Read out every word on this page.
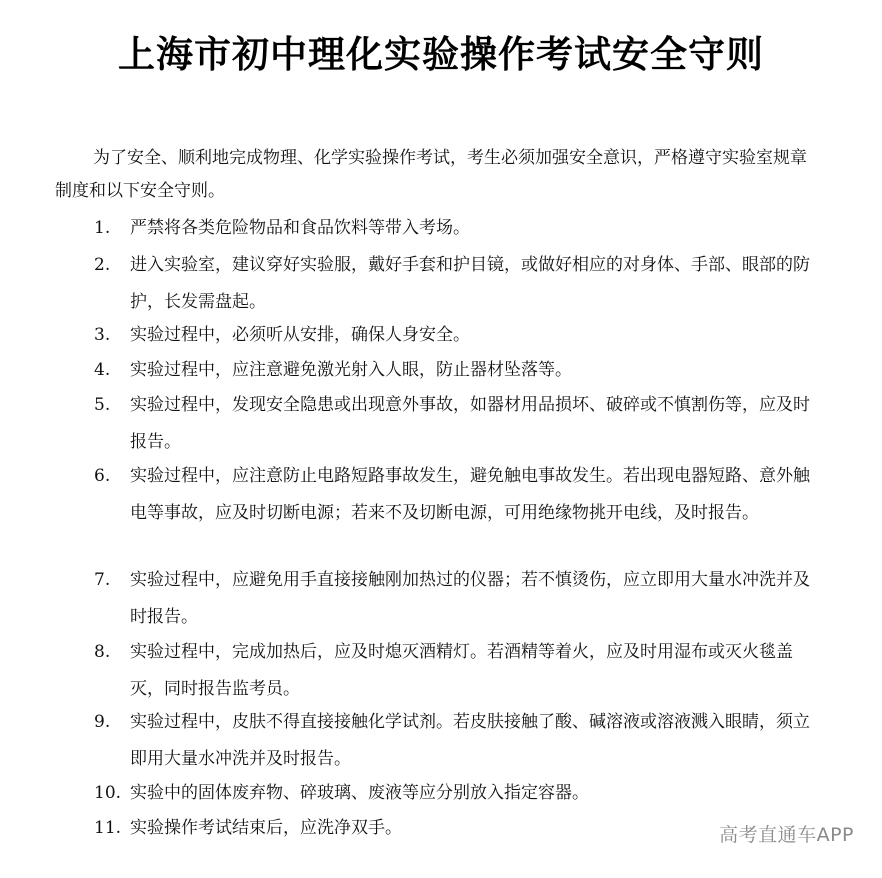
上海市初中理化实验操作考试安全守则
为了安全、顺利地完成物理、化学实验操作考试，考生必须加强安全意识，严格遵守实验室规章制度和以下安全守则。
1.	严禁将各类危险物品和食品饮料等带入考场。
2.	进入实验室，建议穿好实验服，戴好手套和护目镜，或做好相应的对身体、手部、眼部的防护，长发需盘起。
3.	实验过程中，必须听从安排，确保人身安全。
4.	实验过程中，应注意避免激光射入人眼，防止器材坠落等。
5.	实验过程中，发现安全隐患或出现意外事故，如器材用品损坏、破碎或不慎割伤等，应及时报告。
6.	实验过程中，应注意防止电路短路事故发生，避免触电事故发生。若出现电器短路、意外触电等事故，应及时切断电源；若来不及切断电源，可用绝缘物挑开电线，及时报告。
7.	实验过程中，应避免用手直接接触刚加热过的仪器；若不慎烫伤，应立即用大量水冲洗并及时报告。
8.	实验过程中，完成加热后，应及时熄灭酒精灯。若酒精等着火，应及时用湿布或灭火毯盖灭，同时报告监考员。
9.	实验过程中，皮肤不得直接接触化学试剂。若皮肤接触了酸、碱溶液或溶液溅入眼睛，须立即用大量水冲洗并及时报告。
10. 实验中的固体废弃物、碎玻璃、废液等应分别放入指定容器。
11. 实验操作考试结束后，应洗净双手。	高考直通车APP
